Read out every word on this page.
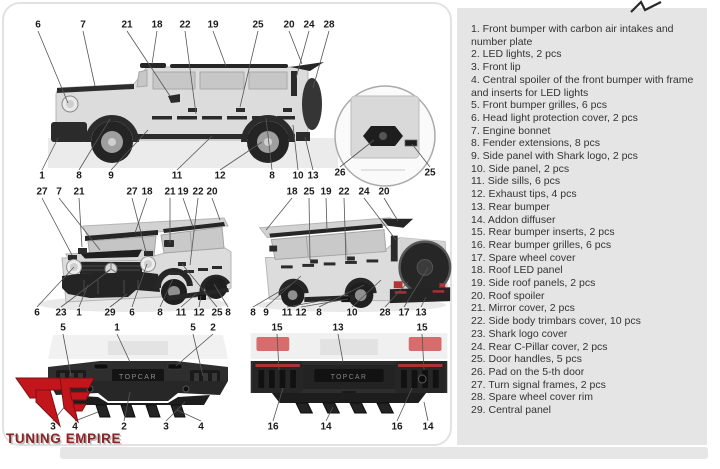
TOPCAR	TOPCAR
1. Front bumper with carbon air intakes and number plate
2. LED lights, 2 pcs
3. Front lip
4. Central spoiler of the front bumper with frame and inserts for LED lights
5. Front bumper grilles, 6 pcs
6. Head light protection cover, 2 pcs
7. Engine bonnet
8. Fender extensions, 8 pcs
9. Side panel with Shark logo, 2 pcs
10. Side panel, 2 pcs
11. Side sills, 6 pcs
12. Exhaust tips, 4 pcs
13. Rear bumper
14. Addon diffuser
15. Rear bumper inserts, 2 pcs
16. Rear bumper grilles, 6 pcs
17. Spare wheel cover
18. Roof LED panel
19. Side roof panels, 2 pcs
20. Roof spoiler
21. Mirror cover, 2 pcs
22. Side body trimbars cover, 10 pcs
23. Shark logo cover
24. Rear C-Pillar cover, 2 pcs
25. Door handles, 5 pcs
26. Pad on the 5-th door
27. Turn signal frames, 2 pcs
28. Spare wheel cover rim
29. Central panel
6	7	21 18 22 19	25 20 24 28
1	8	9	11	12	8 10 13 26	25
27 7 21	27 18 21 19 22 20
6 23 1 29 6 8 11 12 25 8
18 25 19 22 24 20
8 9 11 12 8 10 28 17 13
5	1	5 2
3 4	2	3	4
15	13	15
16	14	16 14
TUNING EMPIRE
